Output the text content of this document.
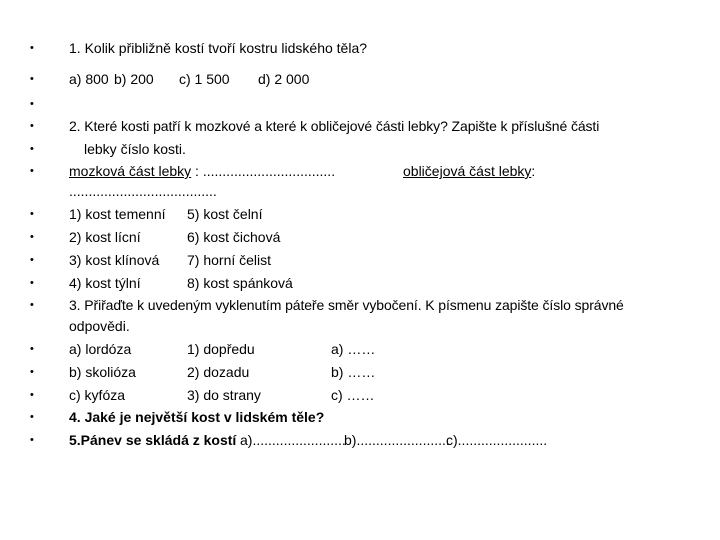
•	1. Kolik přibližně kostí tvoří kostru lidského těla?
•	a) 800 b) 200 c) 1 500 d) 2 000
•
•	2. Které kosti patří k mozkové a které k obličejové části lebky? Zapište k příslušné části
•	lebky číslo kosti.
•	mozková část lebky : ..................................	obličejová část lebky:
......................................
•	1) kost temenní 5) kost čelní
•	2) kost lícní	6) kost čichová
•	3) kost klínová 7) horní čelist
•	4) kost týlní	8) kost spánková
•	3. Přiřaďte k uvedeným vyklenutím páteře směr vybočení. K písmenu zapište číslo správné
odpovědi.
•	a) lordóza	1) dopředu	a) ……
•	b) skolióza	2) dozadu	b) ……
•	c) kyfóza	3) do strany	c) ……
•	4. Jaké je největší kost v lidském těle?
•	5.Pánev se skládá z kostí a)........................
b)........................
c).......................
